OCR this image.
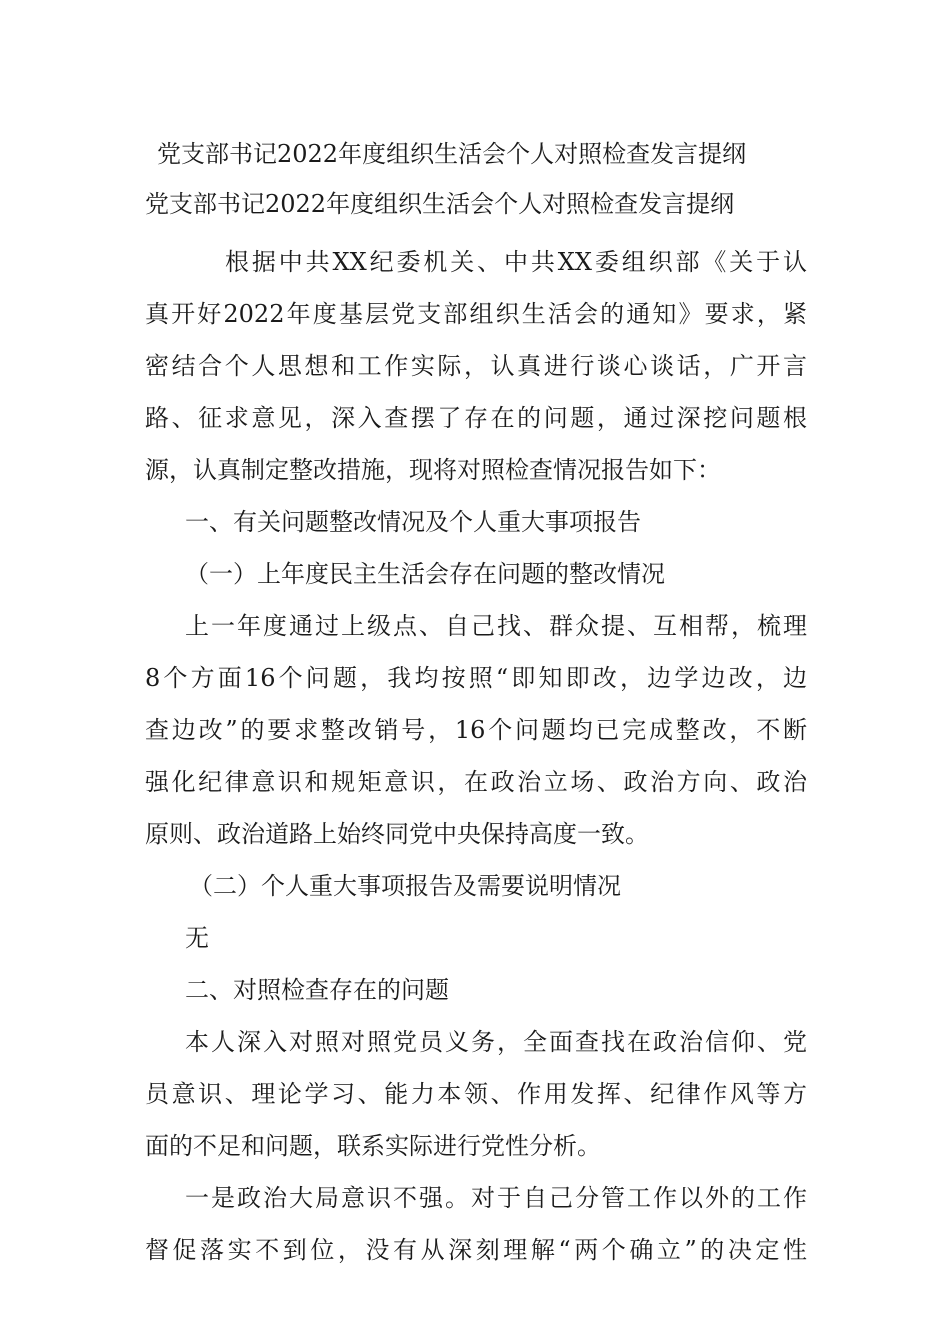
党支部书记2022年度组织生活会个人对照检查发言提纲

党支部书记2022年度组织生活会个人对照检查发言提纲

根据中共XX纪委机关、中共XX委组织部《关于认
真开好2022年度基层党支部组织生活会的通知》要求，紧
密结合个人思想和工作实际，认真进行谈心谈话，广开言
路、征求意见，深入查摆了存在的问题，通过深挖问题根
源，认真制定整改措施，现将对照检查情况报告如下：

一、有关问题整改情况及个人重大事项报告

（一）上年度民主生活会存在问题的整改情况

上一年度通过上级点、自己找、群众提、互相帮，梳理
8个方面16个问题，我均按照“即知即改，边学边改，边
查边改”的要求整改销号，16个问题均已完成整改，不断
强化纪律意识和规矩意识，在政治立场、政治方向、政治
原则、政治道路上始终同党中央保持高度一致。

（二）个人重大事项报告及需要说明情况

无

二、对照检查存在的问题

本人深入对照对照党员义务，全面查找在政治信仰、党
员意识、理论学习、能力本领、作用发挥、纪律作风等方
面的不足和问题，联系实际进行党性分析。
一是政治大局意识不强。对于自己分管工作以外的工作
督促落实不到位，没有从深刻理解“两个确立”的决定性
